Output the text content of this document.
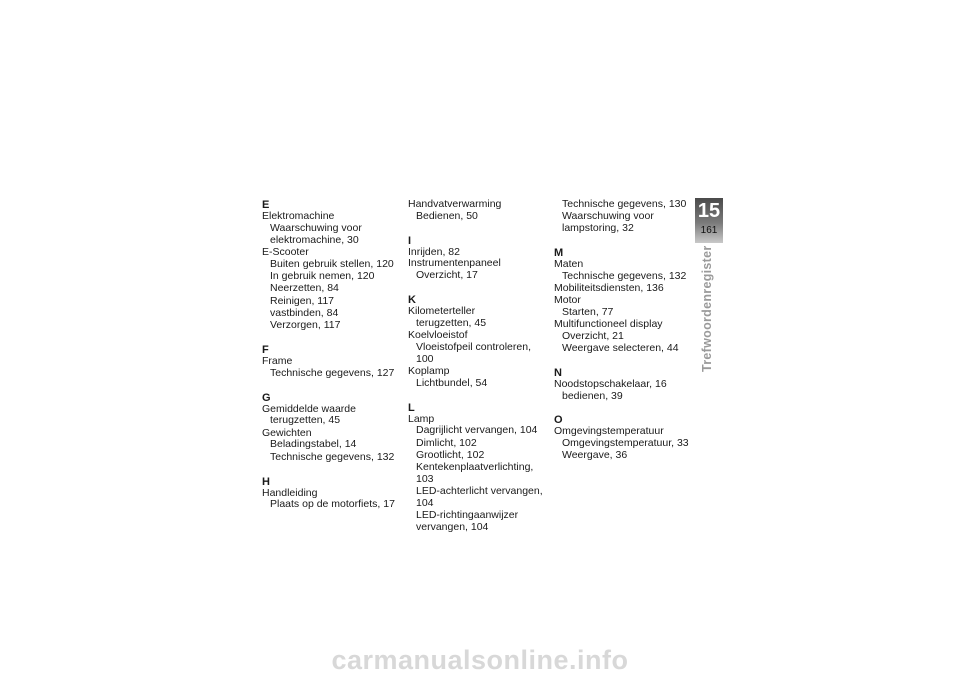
E
Elektromachine
Waarschuwing voor elektromachine, 30
E-Scooter
Buiten gebruik stellen, 120
In gebruik nemen, 120
Neerzetten, 84
Reinigen, 117
vastbinden, 84
Verzorgen, 117
F
Frame
Technische gegevens, 127
G
Gemiddelde waarde
terugzetten, 45
Gewichten
Beladingstabel, 14
Technische gegevens, 132
H
Handleiding
Plaats op de motorfiets, 17
Handvatverwarming
Bedienen, 50
I
Inrijden, 82
Instrumentenpaneel
Overzicht, 17
K
Kilometerteller
terugzetten, 45
Koelvloeistof
Vloeistofpeil controleren, 100
Koplamp
Lichtbundel, 54
L
Lamp
Dagrijlicht vervangen, 104
Dimlicht, 102
Grootlicht, 102
Kentekenplaatverlichting, 103
LED-achterlicht vervangen, 104
LED-richtingaanwijzer vervangen, 104
Technische gegevens, 130
Waarschuwing voor lampstoring, 32
M
Maten
Technische gegevens, 132
Mobiliteitsdiensten, 136
Motor
Starten, 77
Multifunctioneel display
Overzicht, 21
Weergave selecteren, 44
N
Noodstopschakelaar, 16
bedienen, 39
O
Omgevingstemperatuur
Omgevingstemperatuur, 33
Weergave, 36
15
161
Trefwoordenregister
carmanualsonline.info
